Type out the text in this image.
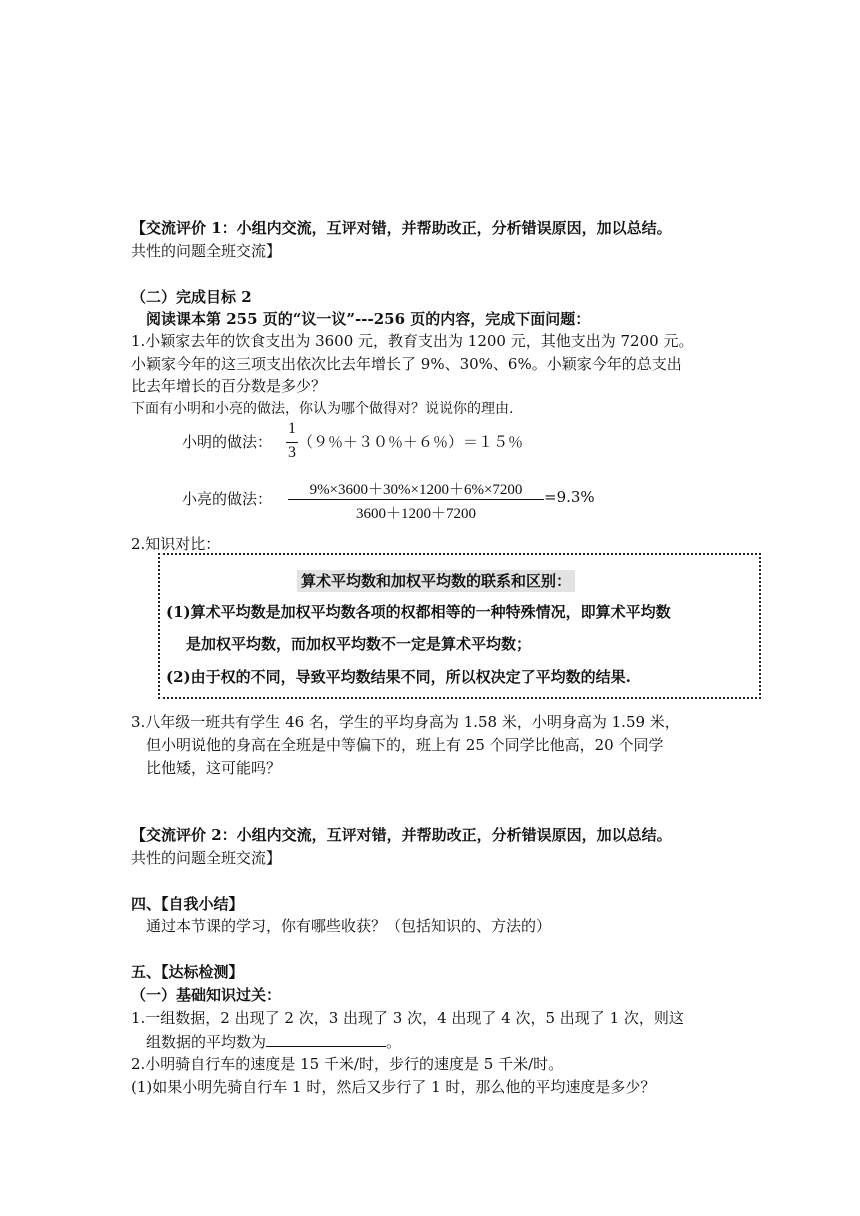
【交流评价 1：小组内交流，互评对错，并帮助改正，分析错误原因，加以总结。
共性的问题全班交流】
（二）完成目标 2
阅读课本第 255 页的“议一议”---256 页的内容，完成下面问题：
1.小颖家去年的饮食支出为 3600 元，教育支出为 1200 元，其他支出为 7200 元。
小颖家今年的这三项支出依次比去年增长了 9%、30%、6%。小颖家今年的总支出
比去年增长的百分数是多少？
下面有小明和小亮的做法，你认为哪个做得对？说说你的理由.
小明的做法：
1
3
（９％＋３０％＋６％）＝１５％
小亮的做法：	9%×3600＋30%×1200＋6%×7200
3600＋1200＋7200
=9.3%
2.知识对比：
算术平均数和加权平均数的联系和区别：
(1)算术平均数是加权平均数各项的权都相等的一种特殊情况，即算术平均数
是加权平均数，而加权平均数不一定是算术平均数；
(2)由于权的不同，导致平均数结果不同，所以权决定了平均数的结果.
3.八年级一班共有学生 46 名，学生的平均身高为 1.58 米，小明身高为 1.59 米，
但小明说他的身高在全班是中等偏下的，班上有 25 个同学比他高，20 个同学
比他矮，这可能吗？
【交流评价 2：小组内交流，互评对错，并帮助改正，分析错误原因，加以总结。
共性的问题全班交流】
四、【自我小结】
通过本节课的学习，你有哪些收获？（包括知识的、方法的）
五、【达标检测】
（一）基础知识过关：
1.一组数据，2 出现了 2 次，3 出现了 3 次，4 出现了 4 次，5 出现了 1 次，则这
组数据的平均数为	。
2.小明骑自行车的速度是 15 千米/时，步行的速度是 5 千米/时。
(1)如果小明先骑自行车 1 时，然后又步行了 1 时，那么他的平均速度是多少？
